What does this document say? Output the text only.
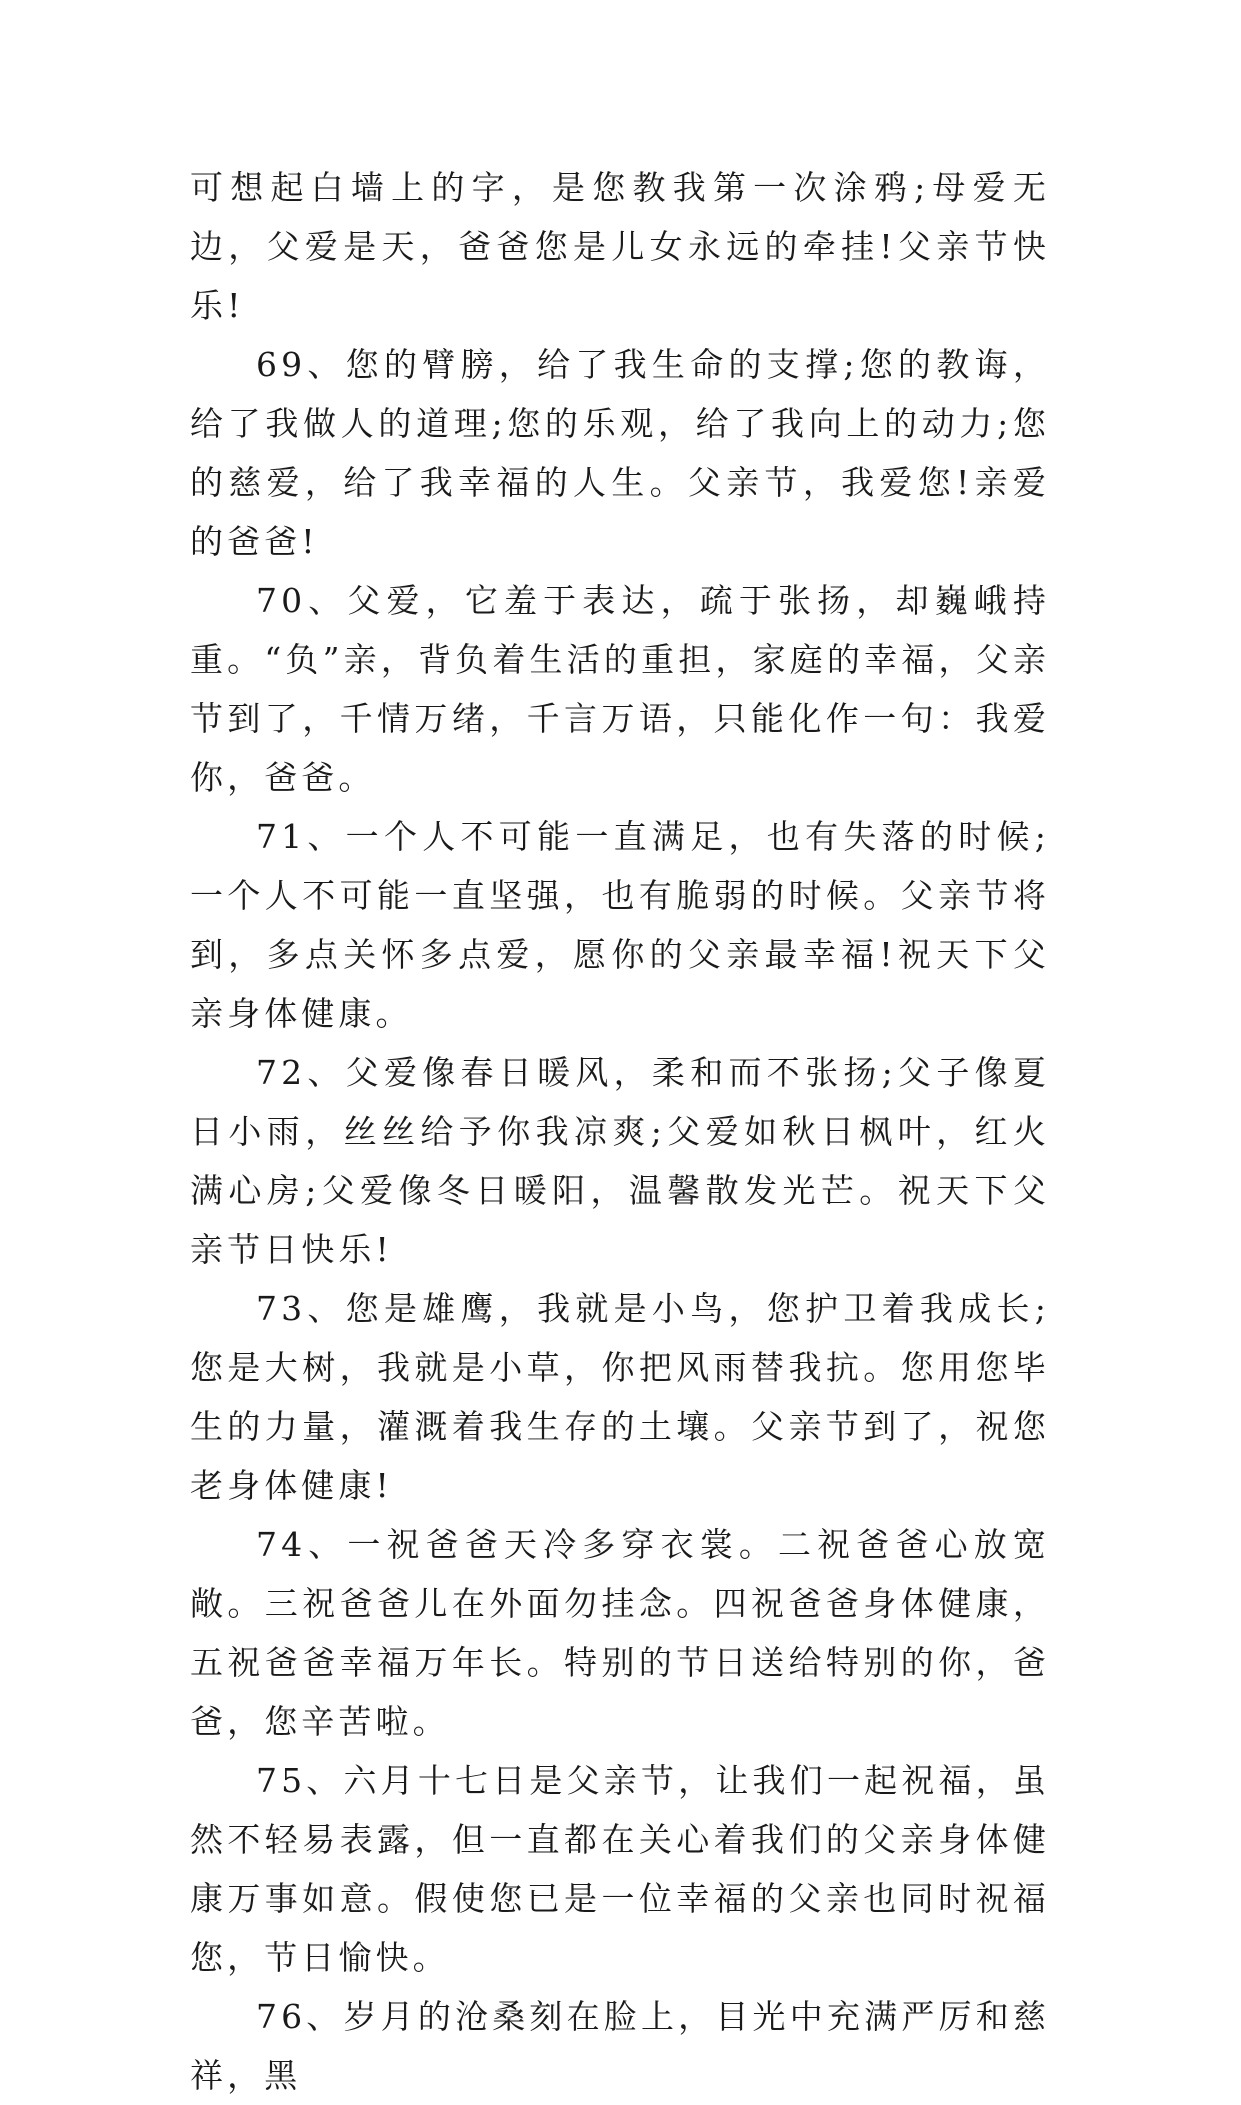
可想起白墙上的字，是您教我第一次涂鸦;母爱无边，父爱是天，爸爸您是儿女永远的牵挂!父亲节快乐!

69、您的臂膀，给了我生命的支撑;您的教诲，给了我做人的道理;您的乐观，给了我向上的动力;您的慈爱，给了我幸福的人生。父亲节，我爱您!亲爱的爸爸!

70、父爱，它羞于表达，疏于张扬，却巍峨持重。“负”亲，背负着生活的重担，家庭的幸福，父亲节到了，千情万绪，千言万语，只能化作一句：我爱你，爸爸。

71、一个人不可能一直满足，也有失落的时候;一个人不可能一直坚强，也有脆弱的时候。父亲节将到，多点关怀多点爱，愿你的父亲最幸福!祝天下父亲身体健康。

72、父爱像春日暖风，柔和而不张扬;父子像夏日小雨，丝丝给予你我凉爽;父爱如秋日枫叶，红火满心房;父爱像冬日暖阳，温馨散发光芒。祝天下父亲节日快乐!

73、您是雄鹰，我就是小鸟，您护卫着我成长;您是大树，我就是小草，你把风雨替我抗。您用您毕生的力量，灌溉着我生存的土壤。父亲节到了，祝您老身体健康!

74、一祝爸爸天冷多穿衣裳。二祝爸爸心放宽敞。三祝爸爸儿在外面勿挂念。四祝爸爸身体健康，五祝爸爸幸福万年长。特别的节日送给特别的你，爸爸，您辛苦啦。

75、六月十七日是父亲节，让我们一起祝福，虽然不轻易表露，但一直都在关心着我们的父亲身体健康万事如意。假使您已是一位幸福的父亲也同时祝福您，节日愉快。

76、岁月的沧桑刻在脸上，目光中充满严厉和慈祥，黑
